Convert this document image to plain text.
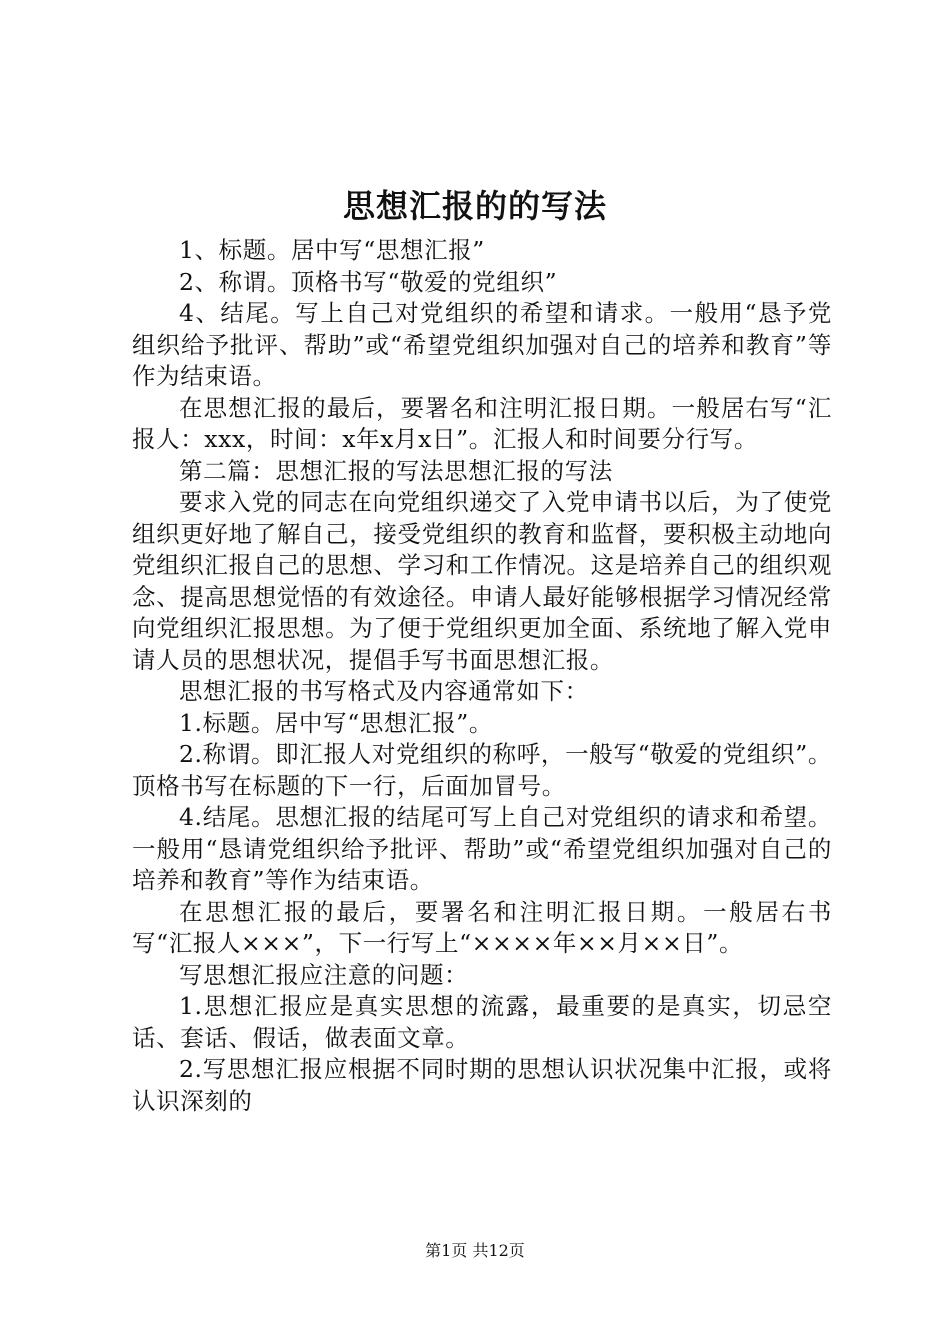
思想汇报的的写法

1、标题。居中写“思想汇报”

2、称谓。顶格书写“敬爱的党组织”

4、结尾。写上自己对党组织的希望和请求。一般用“恳予党组织给予批评、帮助”或“希望党组织加强对自己的培养和教育”等作为结束语。

在思想汇报的最后，要署名和注明汇报日期。一般居右写“汇报人：xxx，时间：x年x月x日”。汇报人和时间要分行写。

第二篇：思想汇报的写法思想汇报的写法

要求入党的同志在向党组织递交了入党申请书以后，为了使党组织更好地了解自己，接受党组织的教育和监督，要积极主动地向党组织汇报自己的思想、学习和工作情况。这是培养自己的组织观念、提高思想觉悟的有效途径。申请人最好能够根据学习情况经常向党组织汇报思想。为了便于党组织更加全面、系统地了解入党申请人员的思想状况，提倡手写书面思想汇报。

思想汇报的书写格式及内容通常如下：

1.标题。居中写“思想汇报”。

2.称谓。即汇报人对党组织的称呼，一般写“敬爱的党组织”。顶格书写在标题的下一行，后面加冒号。

4.结尾。思想汇报的结尾可写上自己对党组织的请求和希望。一般用“恳请党组织给予批评、帮助”或“希望党组织加强对自己的培养和教育”等作为结束语。

在思想汇报的最后，要署名和注明汇报日期。一般居右书写“汇报人×××”，下一行写上“××××年××月××日”。

写思想汇报应注意的问题：

1.思想汇报应是真实思想的流露，最重要的是真实，切忌空话、套话、假话，做表面文章。

2.写思想汇报应根据不同时期的思想认识状况集中汇报，或将认识深刻的

第1页 共12页
